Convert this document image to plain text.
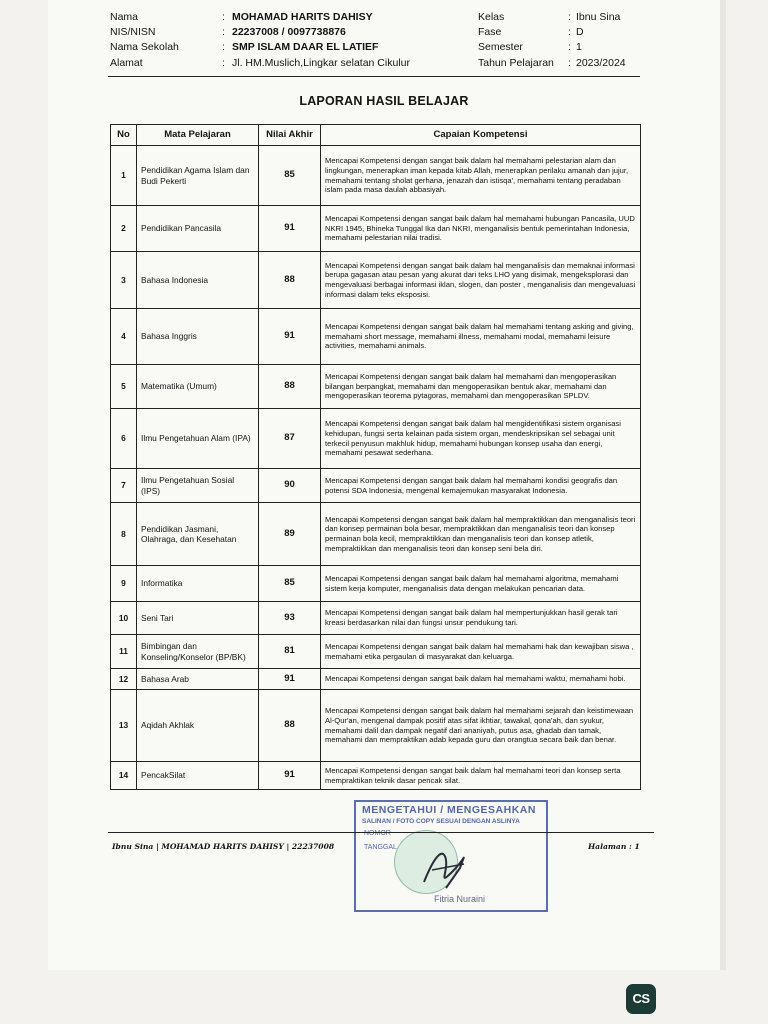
Nama	: MOHAMAD HARITS DAHISY	Kelas	: Ibnu Sina
NIS/NISN	: 22237008 / 0097738876	Fase	: D
Nama Sekolah	: SMP ISLAM DAAR EL LATIEF	Semester	: 1
Alamat	: Jl. HM.Muslich,Lingkar selatan Cikulur	Tahun Pelajaran : 2023/2024
LAPORAN HASIL BELAJAR
No	Mata Pelajaran	Nilai Akhir	Capaian Kompetensi
1	Pendidikan Agama Islam dan Budi Pekerti	85	Mencapai Kompetensi dengan sangat baik dalam hal memahami pelestarian alam dan lingkungan, menerapkan iman kepada kitab Allah, menerapkan perilaku amanah dan jujur, memahami tentang sholat gerhana, jenazah dan istisqa', memahami tentang peradaban islam pada masa daulah abbasiyah.
2	Pendidikan Pancasila	91	Mencapai Kompetensi dengan sangat baik dalam hal memahami hubungan Pancasila, UUD NKRI 1945, Bhineka Tunggal Ika dan NKRI, menganalisis bentuk pemerintahan Indonesia, memahami pelestarian nilai tradisi.
3	Bahasa Indonesia	88	Mencapai Kompetensi dengan sangat baik dalam hal menganalisis dan memaknai informasi berupa gagasan atau pesan yang akurat dari teks LHO yang disimak, mengeksplorasi dan mengevaluasi berbagai informasi iklan, slogen, dan poster , menganalisis dan mengevaluasi informasi dalam teks eksposisi.
4	Bahasa Inggris	91	Mencapai Kompetensi dengan sangat baik dalam hal memahami tentang asking and giving, memahami short message, memahami illness, memahami modal, memahami leisure activities, memahami animals.
5	Matematika (Umum)	88	Mencapai Kompetensi dengan sangat baik dalam hal memahami dan mengoperasikan bilangan berpangkat, memahami dan mengoperasikan bentuk akar, memahami dan mengoperasikan teorema pytagoras, memahami dan mengoperasikan SPLDV.
6	Ilmu Pengetahuan Alam (IPA)	87	Mencapai Kompetensi dengan sangat baik dalam hal mengidentifikasi sistem organisasi kehidupan, fungsi serta kelainan pada sistem organ, mendeskripsikan sel sebagai unit terkecil penyusun makhluk hidup, memahami hubungan konsep usaha dan energi, memahami pesawat sederhana.
7	Ilmu Pengetahuan Sosial (IPS)	90	Mencapai Kompetensi dengan sangat baik dalam hal memahami kondisi geografis dan potensi SDA Indonesia, mengenal kemajemukan masyarakat Indonesia.
8	Pendidikan Jasmani, Olahraga, dan Kesehatan	89	Mencapai Kompetensi dengan sangat baik dalam hal mempraktikkan dan menganalisis teori dan konsep permainan bola besar, mempraktikkan dan menganalisis teori dan konsep permainan bola kecil, mempraktikkan dan menganalisis teori dan konsep atletik, mempraktikkan dan menganalisis teori dan konsep seni bela diri.
9	Informatika	85	Mencapai Kompetensi dengan sangat baik dalam hal memahami algoritma, memahami sistem kerja komputer, menganalisis data dengan melakukan pencarian data.
10	Seni Tari	93	Mencapai Kompetensi dengan sangat baik dalam hal mempertunjukkan hasil gerak tari kreasi berdasarkan nilai dan fungsi unsur pendukung tari.
11	Bimbingan dan Konseling/Konselor (BP/BK)	81	Mencapai Kompetensi dengan sangat baik dalam hal memahami hak dan kewajiban siswa , memahami etika pergaulan di masyarakat dan keluarga.
12	Bahasa Arab	91	Mencapai Kompetensi dengan sangat baik dalam hal memahami waktu, memahami hobi.
13	Aqidah Akhlak	88	Mencapai Kompetensi dengan sangat baik dalam hal memahami sejarah dan keistimewaan Al-Qur'an, mengenal dampak positif atas sifat ikhtiar, tawakal, qona'ah, dan syukur, memahami dalil dan dampak negatif dari ananiyah, putus asa, ghadab dan tamak, memahami dan mempraktikan adab kepada guru dan orangtua secara baik dan benar.
14	PencakSilat	91	Mencapai Kompetensi dengan sangat baik dalam hal memahami teori dan konsep serta mempraktikan teknik dasar pencak silat.
MENGETAHUI / MENGESAHKAN
SALINAN / FOTO COPY SESUAI DENGAN ASLINYA
NOMOR
TANGGAL
Fitria Nuraini
Ibnu Sina | MOHAMAD HARITS DAHISY | 22237008	Halaman : 1
CS
